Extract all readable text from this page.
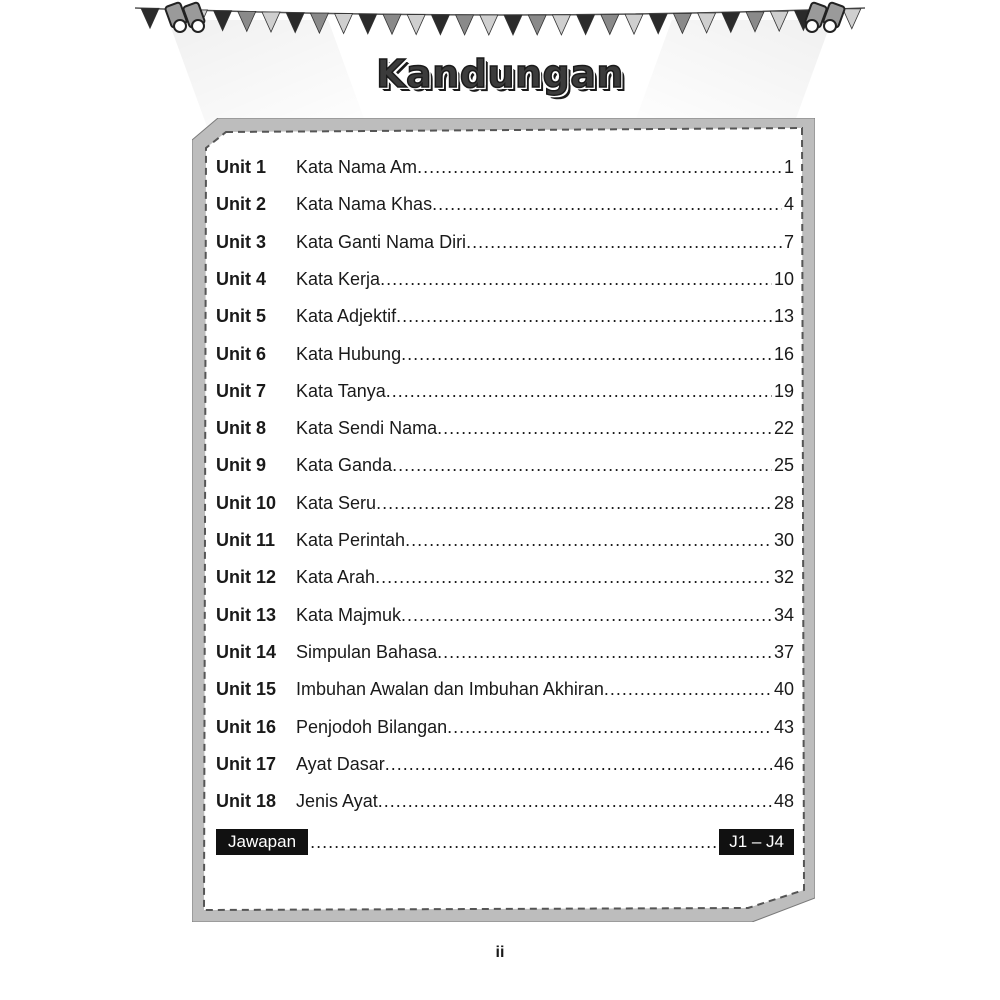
Kandungan
Unit 1	Kata Nama Am .....	1
Unit 2	Kata Nama Khas .....	4
Unit 3	Kata Ganti Nama Diri .....	7
Unit 4	Kata Kerja .....	10
Unit 5	Kata Adjektif .....	13
Unit 6	Kata Hubung .....	16
Unit 7	Kata Tanya .....	19
Unit 8	Kata Sendi Nama .....	22
Unit 9	Kata Ganda .....	25
Unit 10	Kata Seru .....	28
Unit 11	Kata Perintah .....	30
Unit 12	Kata Arah .....	32
Unit 13	Kata Majmuk .....	34
Unit 14	Simpulan Bahasa .....	37
Unit 15	Imbuhan Awalan dan Imbuhan Akhiran .....	40
Unit 16	Penjodoh Bilangan .....	43
Unit 17	Ayat Dasar .....	46
Unit 18	Jenis Ayat .....	48
Jawapan .....	J1 – J4
ii
